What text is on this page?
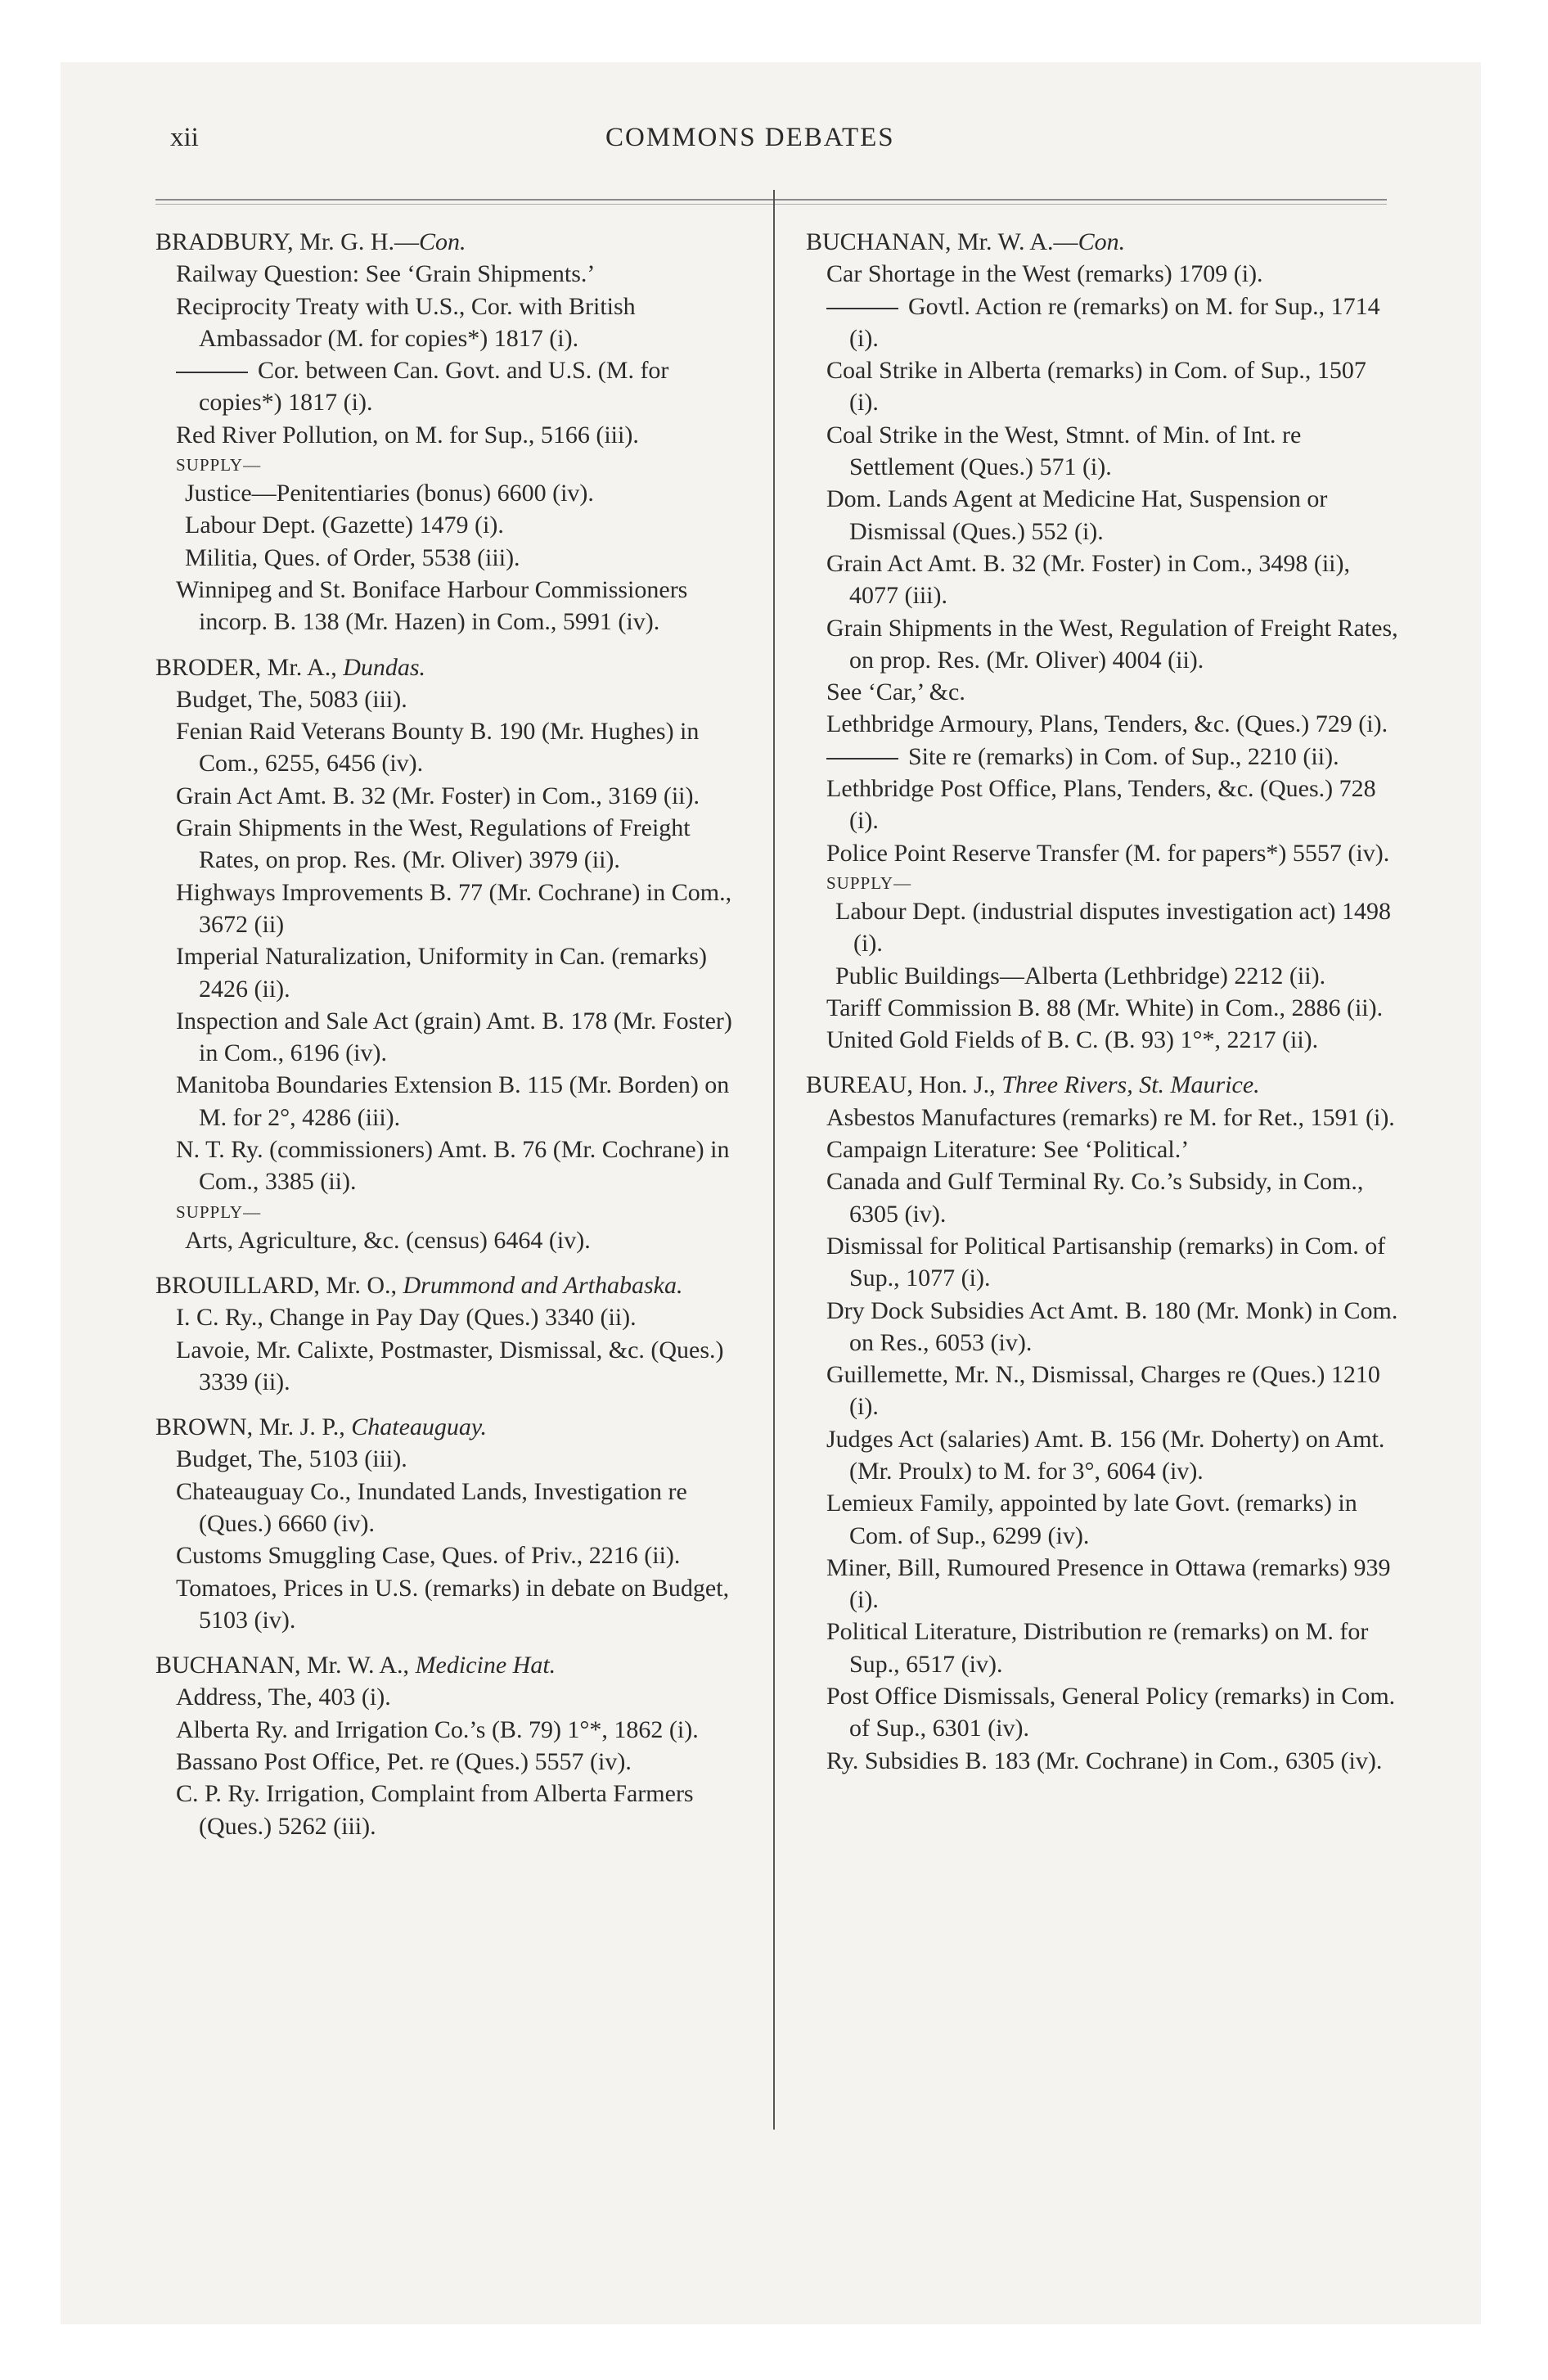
xii	COMMONS DEBATES
BRADBURY, Mr. G. H.—Con.
Railway Question: See ‘Grain Shipments.’
Reciprocity Treaty with U.S., Cor. with British Ambassador (M. for copies*) 1817 (i).
Cor. between Can. Govt. and U.S. (M. for copies*) 1817 (i).
Red River Pollution, on M. for Sup., 5166 (iii).
SUPPLY—
Justice—Penitentiaries (bonus) 6600 (iv).
Labour Dept. (Gazette) 1479 (i).
Militia, Ques. of Order, 5538 (iii).
Winnipeg and St. Boniface Harbour Commissioners incorp. B. 138 (Mr. Hazen) in Com., 5991 (iv).
BRODER, Mr. A., Dundas.
Budget, The, 5083 (iii).
Fenian Raid Veterans Bounty B. 190 (Mr. Hughes) in Com., 6255, 6456 (iv).
Grain Act Amt. B. 32 (Mr. Foster) in Com., 3169 (ii).
Grain Shipments in the West, Regulations of Freight Rates, on prop. Res. (Mr. Oliver) 3979 (ii).
Highways Improvements B. 77 (Mr. Cochrane) in Com., 3672 (ii)
Imperial Naturalization, Uniformity in Can. (remarks) 2426 (ii).
Inspection and Sale Act (grain) Amt. B. 178 (Mr. Foster) in Com., 6196 (iv).
Manitoba Boundaries Extension B. 115 (Mr. Borden) on M. for 2°, 4286 (iii).
N. T. Ry. (commissioners) Amt. B. 76 (Mr. Cochrane) in Com., 3385 (ii).
SUPPLY—
Arts, Agriculture, &c. (census) 6464 (iv).
BROUILLARD, Mr. O., Drummond and Arthabaska.
I. C. Ry., Change in Pay Day (Ques.) 3340 (ii).
Lavoie, Mr. Calixte, Postmaster, Dismissal, &c. (Ques.) 3339 (ii).
BROWN, Mr. J. P., Chateauguay.
Budget, The, 5103 (iii).
Chateauguay Co., Inundated Lands, Investigation re (Ques.) 6660 (iv).
Customs Smuggling Case, Ques. of Priv., 2216 (ii).
Tomatoes, Prices in U.S. (remarks) in debate on Budget, 5103 (iv).
BUCHANAN, Mr. W. A., Medicine Hat.
Address, The, 403 (i).
Alberta Ry. and Irrigation Co.’s (B. 79) 1°*, 1862 (i).
Bassano Post Office, Pet. re (Ques.) 5557 (iv).
C. P. Ry. Irrigation, Complaint from Alberta Farmers (Ques.) 5262 (iii).
BUCHANAN, Mr. W. A.—Con.
Car Shortage in the West (remarks) 1709 (i).
Govtl. Action re (remarks) on M. for Sup., 1714 (i).
Coal Strike in Alberta (remarks) in Com. of Sup., 1507 (i).
Coal Strike in the West, Stmnt. of Min. of Int. re Settlement (Ques.) 571 (i).
Dom. Lands Agent at Medicine Hat, Suspension or Dismissal (Ques.) 552 (i).
Grain Act Amt. B. 32 (Mr. Foster) in Com., 3498 (ii), 4077 (iii).
Grain Shipments in the West, Regulation of Freight Rates, on prop. Res. (Mr. Oliver) 4004 (ii).
See ‘Car,’ &c.
Lethbridge Armoury, Plans, Tenders, &c. (Ques.) 729 (i).
Site re (remarks) in Com. of Sup., 2210 (ii).
Lethbridge Post Office, Plans, Tenders, &c. (Ques.) 728 (i).
Police Point Reserve Transfer (M. for papers*) 5557 (iv).
SUPPLY—
Labour Dept. (industrial disputes investigation act) 1498 (i).
Public Buildings—Alberta (Lethbridge) 2212 (ii).
Tariff Commission B. 88 (Mr. White) in Com., 2886 (ii).
United Gold Fields of B. C. (B. 93) 1°*, 2217 (ii).
BUREAU, Hon. J., Three Rivers, St. Maurice.
Asbestos Manufactures (remarks) re M. for Ret., 1591 (i).
Campaign Literature: See ‘Political.’
Canada and Gulf Terminal Ry. Co.’s Subsidy, in Com., 6305 (iv).
Dismissal for Political Partisanship (remarks) in Com. of Sup., 1077 (i).
Dry Dock Subsidies Act Amt. B. 180 (Mr. Monk) in Com. on Res., 6053 (iv).
Guillemette, Mr. N., Dismissal, Charges re (Ques.) 1210 (i).
Judges Act (salaries) Amt. B. 156 (Mr. Doherty) on Amt. (Mr. Proulx) to M. for 3°, 6064 (iv).
Lemieux Family, appointed by late Govt. (remarks) in Com. of Sup., 6299 (iv).
Miner, Bill, Rumoured Presence in Ottawa (remarks) 939 (i).
Political Literature, Distribution re (remarks) on M. for Sup., 6517 (iv).
Post Office Dismissals, General Policy (remarks) in Com. of Sup., 6301 (iv).
Ry. Subsidies B. 183 (Mr. Cochrane) in Com., 6305 (iv).
